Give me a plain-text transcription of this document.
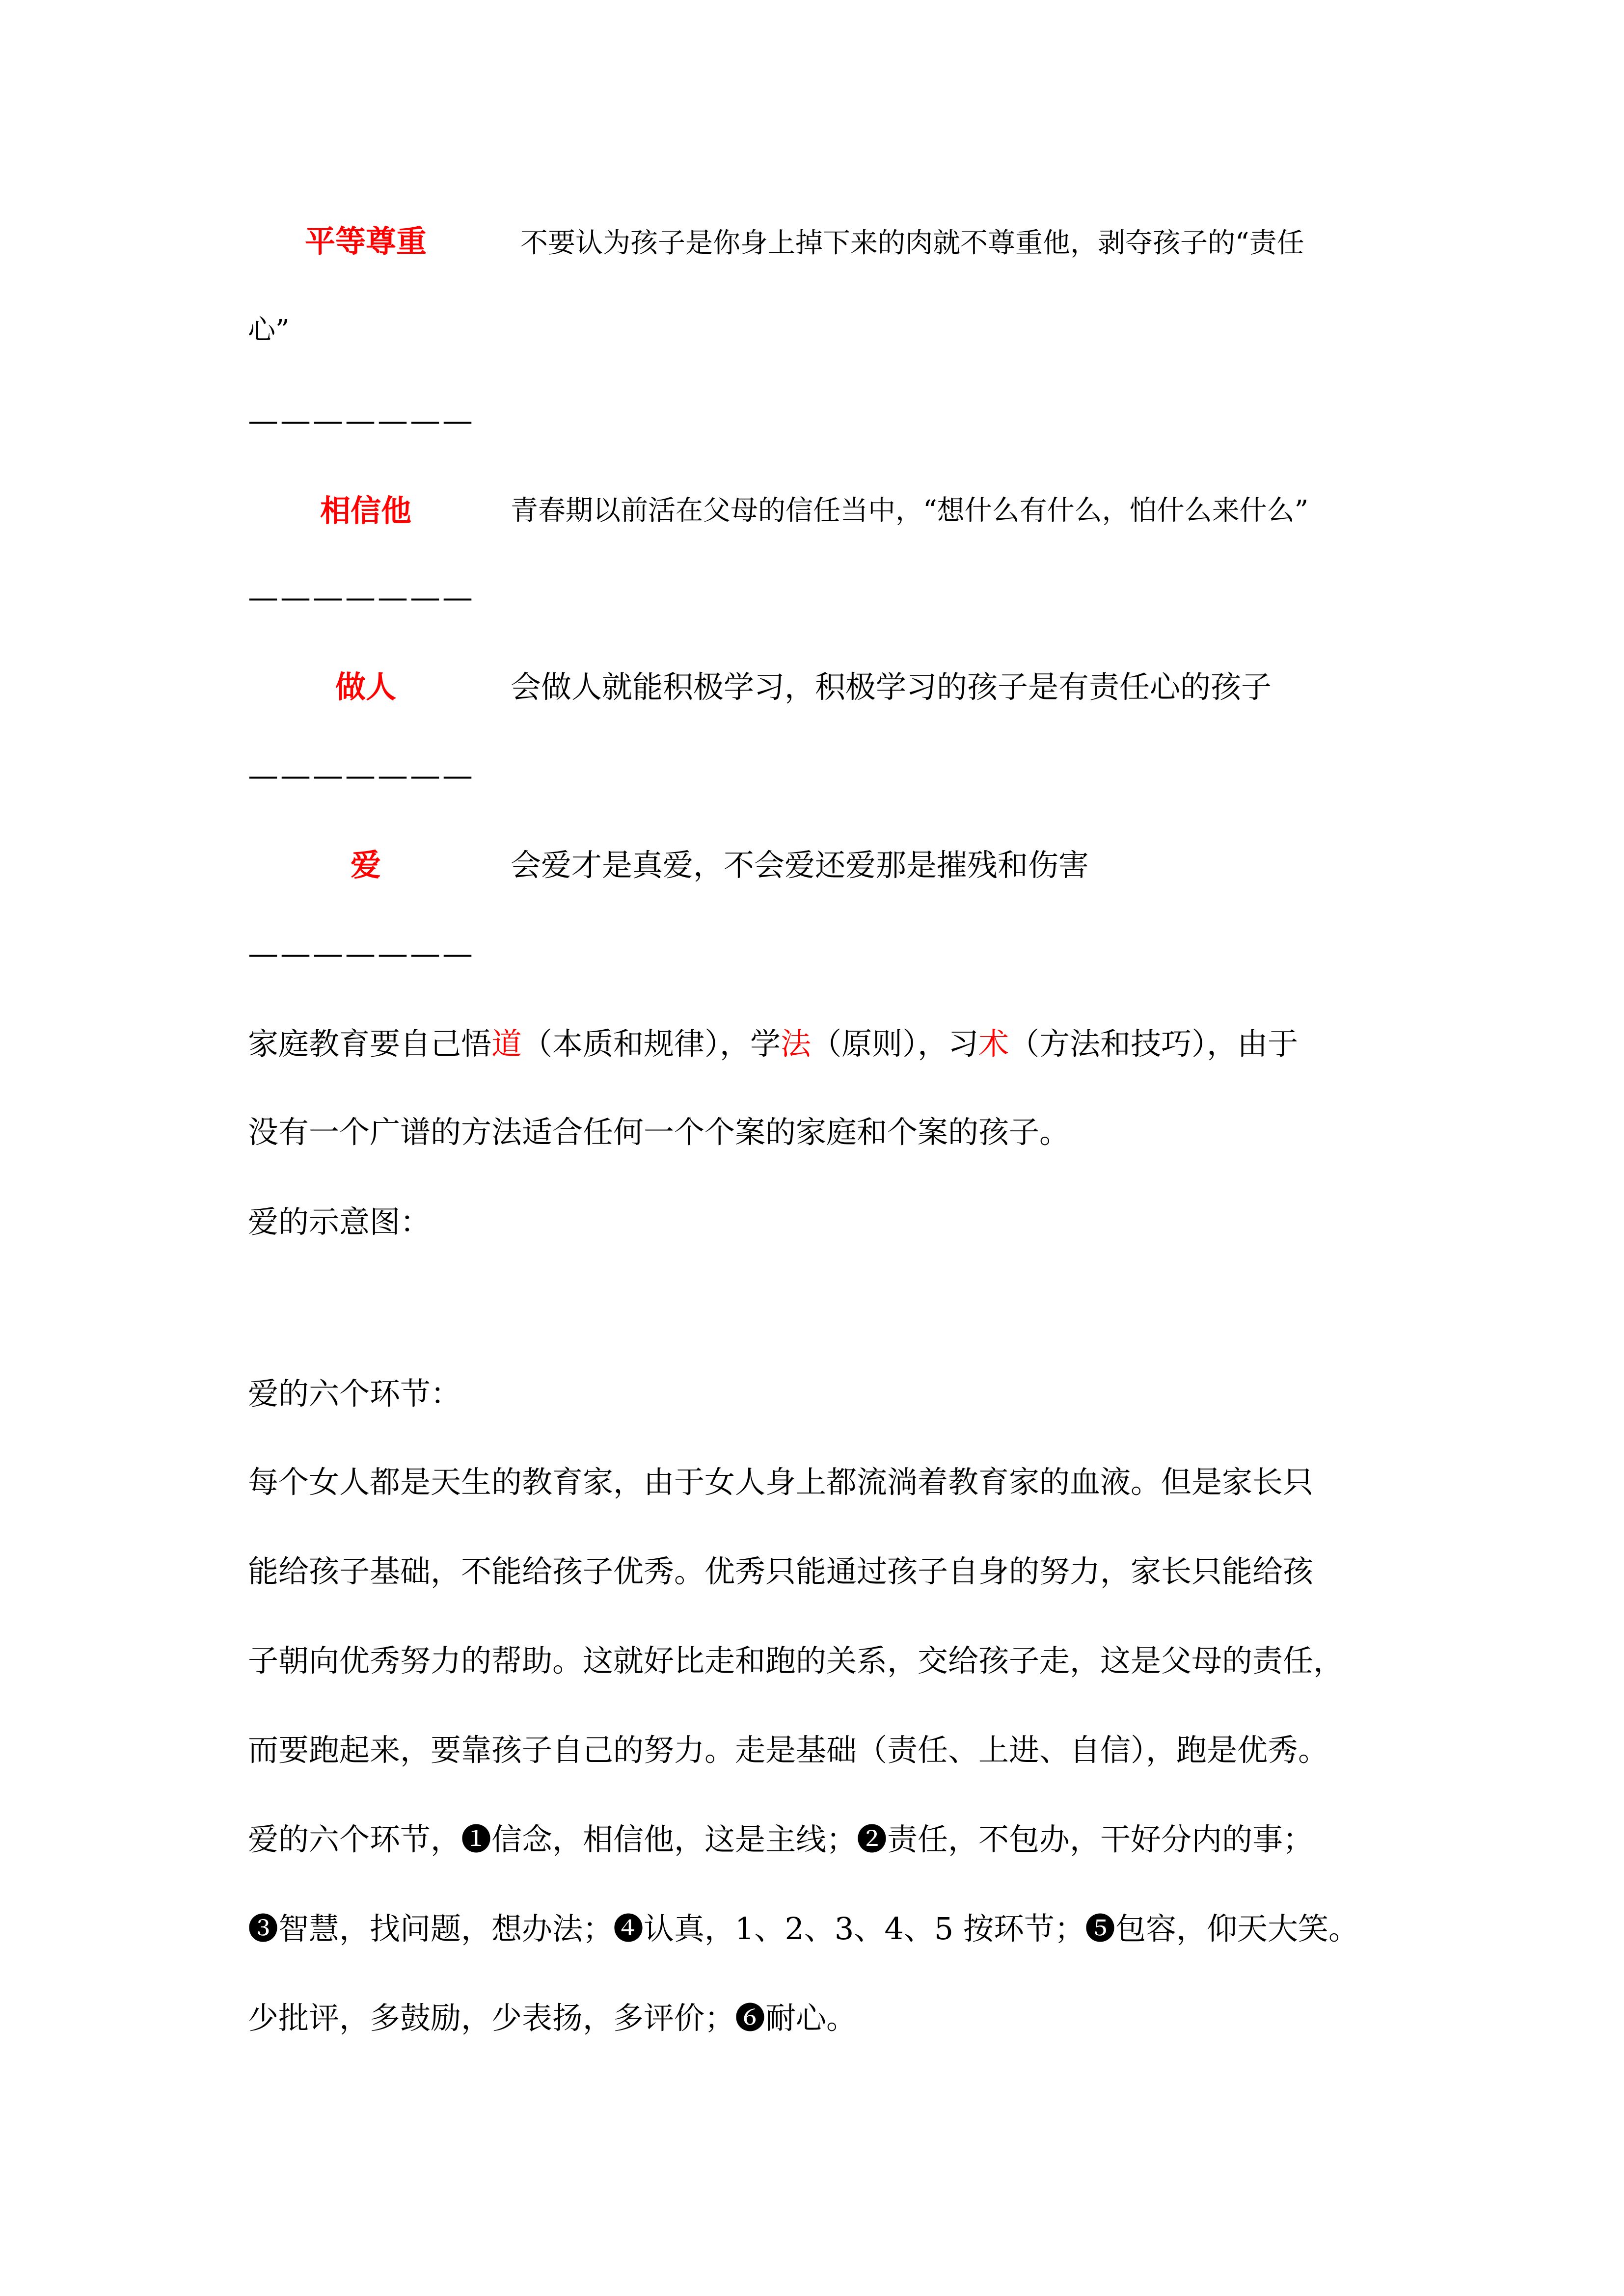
平等尊重	不要认为孩子是你身上掉下来的肉就不尊重他，剥夺孩子的“责任
心”
———————
相信他	青春期以前活在父母的信任当中，“想什么有什么，怕什么来什么”
———————
做人	会做人就能积极学习，积极学习的孩子是有责任心的孩子
———————
爱	会爱才是真爱，不会爱还爱那是摧残和伤害
———————
家庭教育要自己悟道（本质和规律），学法（原则），习术（方法和技巧），由于
没有一个广谱的方法适合任何一个个案的家庭和个案的孩子。
爱的示意图：
爱的六个环节：
每个女人都是天生的教育家，由于女人身上都流淌着教育家的血液。但是家长只
能给孩子基础，不能给孩子优秀。优秀只能通过孩子自身的努力，家长只能给孩
子朝向优秀努力的帮助。这就好比走和跑的关系，交给孩子走，这是父母的责任，
而要跑起来，要靠孩子自己的努力。走是基础（责任、上进、自信），跑是优秀。
爱的六个环节，❶信念，相信他，这是主线；❷责任，不包办，干好分内的事；
❸智慧，找问题，想办法；❹认真，1、2、3、4、5 按环节；❺包容，仰天大笑。
少批评，多鼓励，少表扬，多评价；❻耐心。
